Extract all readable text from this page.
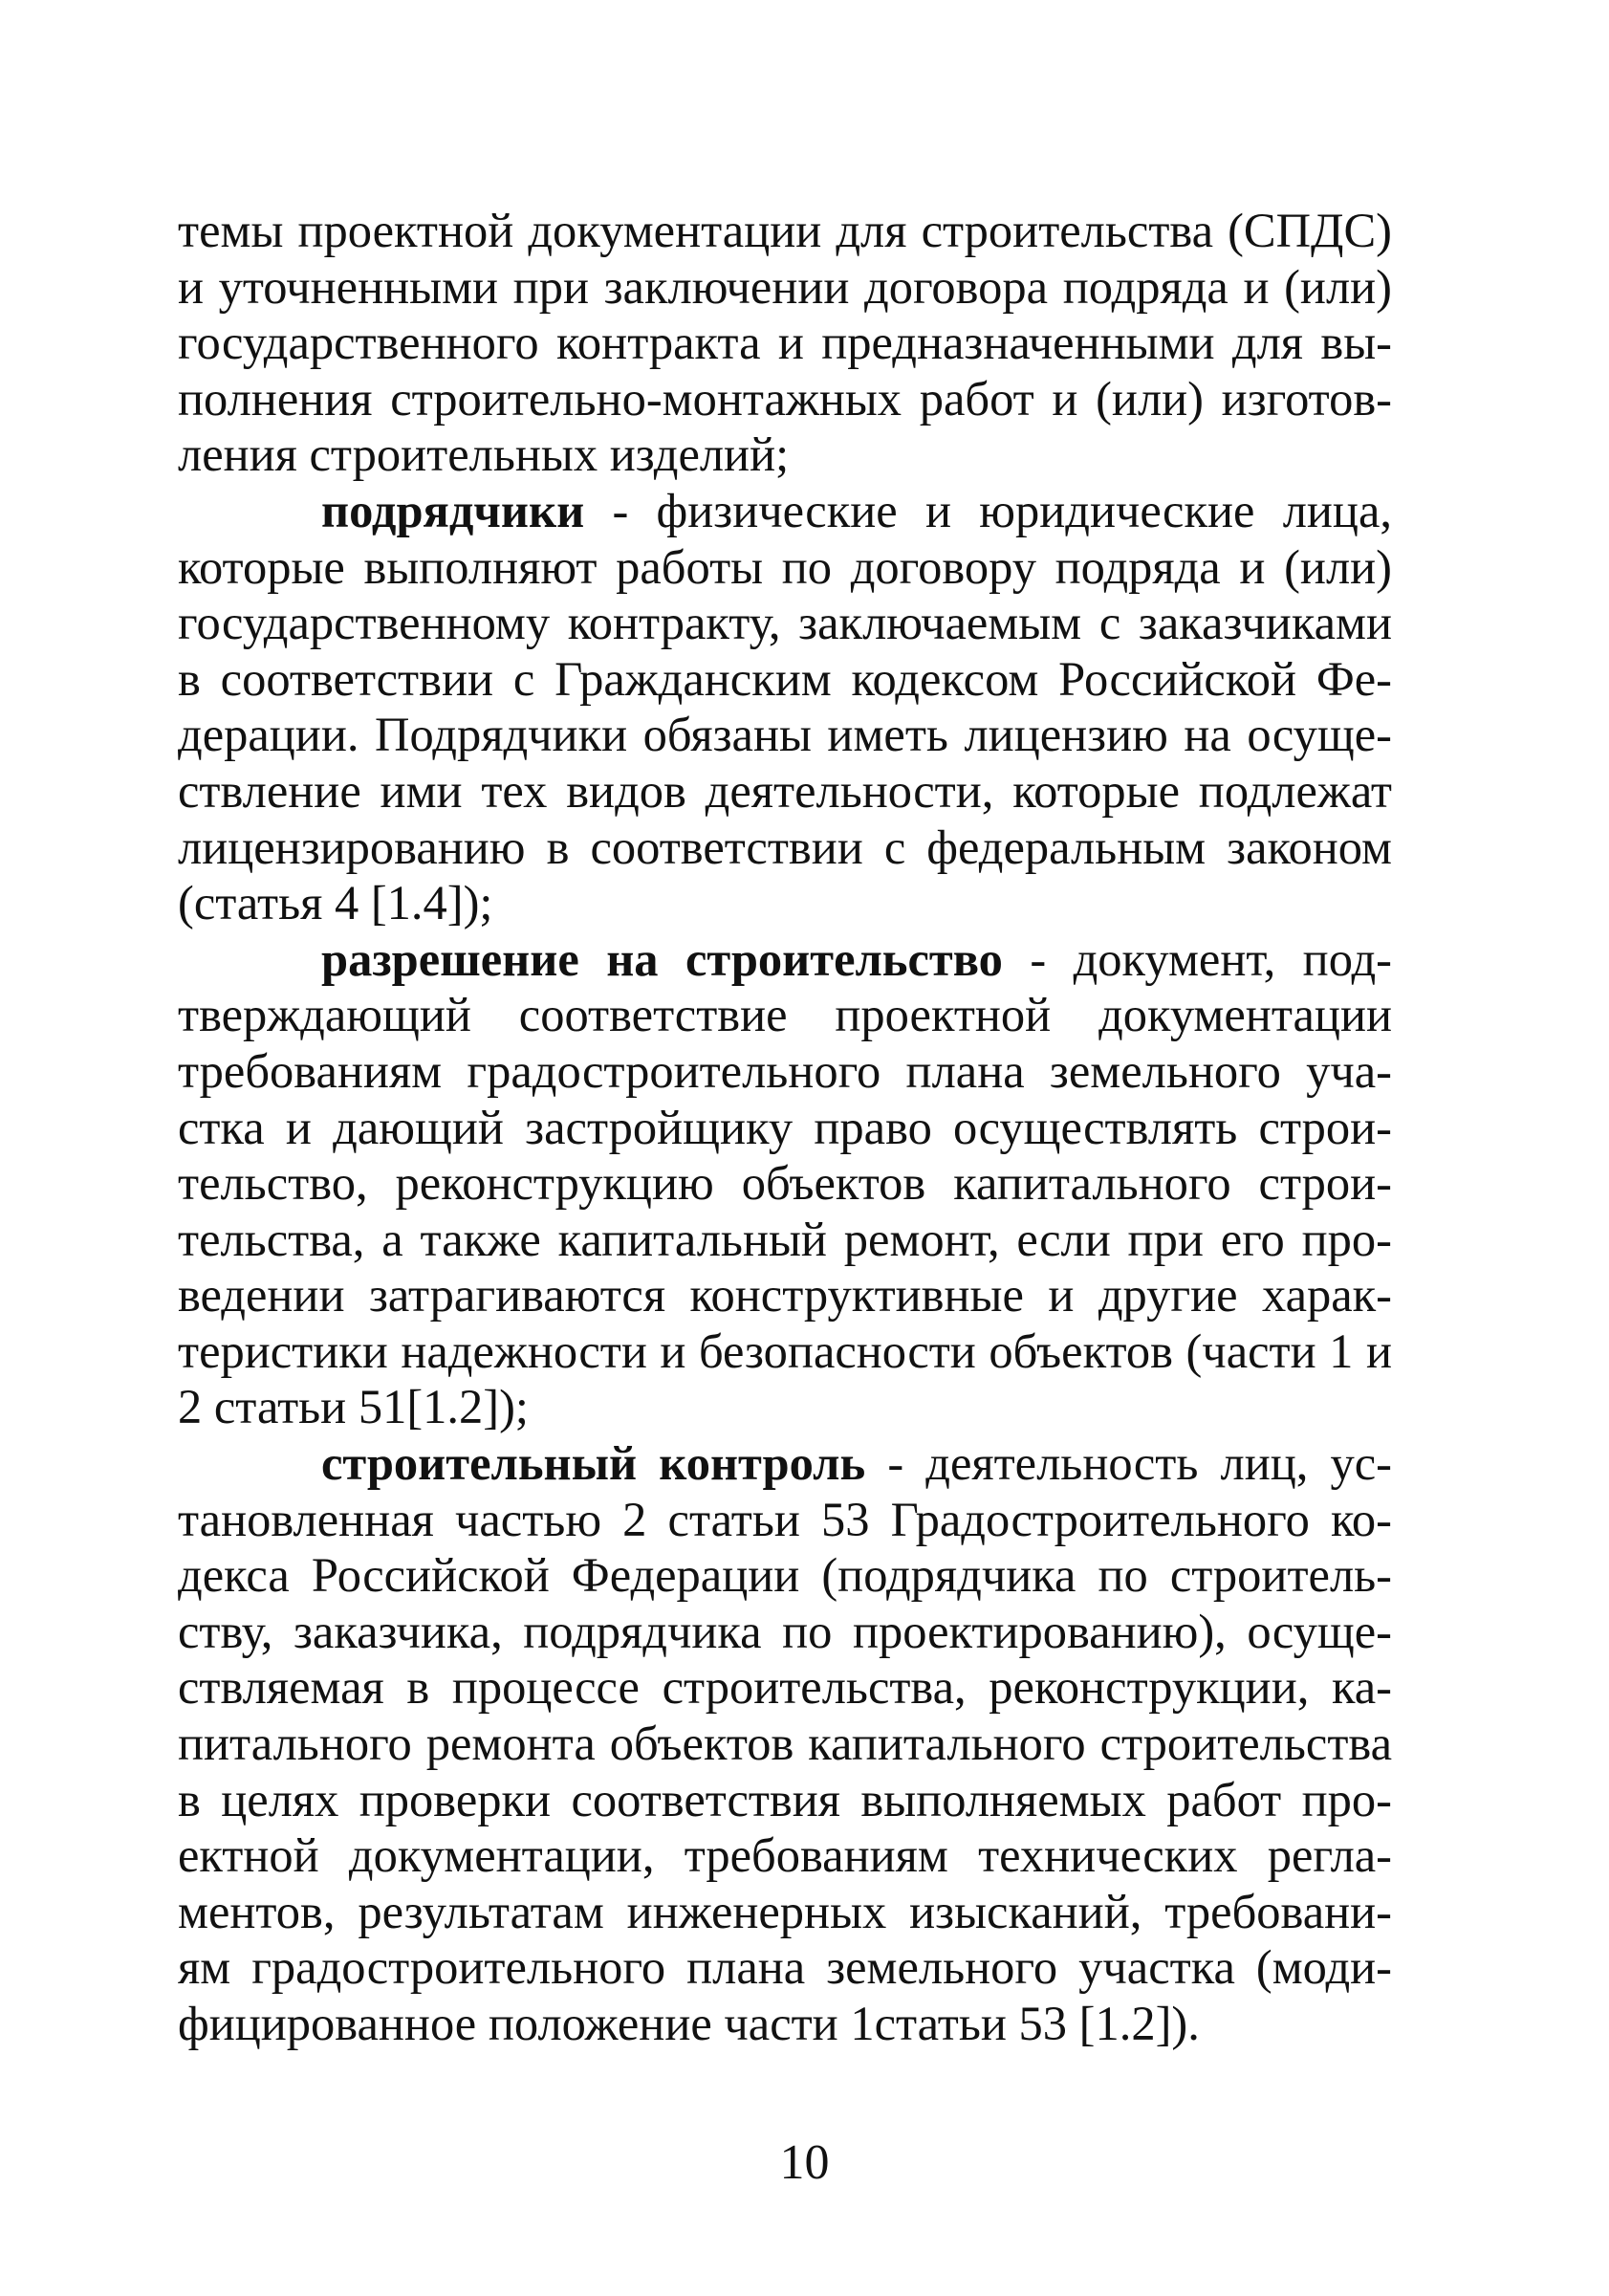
темы проектной документации для строительства (СПДС)
и уточненными при заключении договора подряда и (или)
государственного контракта и предназначенными для вы-
полнения строительно-монтажных работ и (или) изготов-
ления строительных изделий;
подрядчики - физические и юридические лица,
которые выполняют работы по договору подряда и (или)
государственному контракту, заключаемым с заказчиками
в соответствии с Гражданским кодексом Российской Фе-
дерации. Подрядчики обязаны иметь лицензию на осуще-
ствление ими тех видов деятельности, которые подлежат
лицензированию в соответствии с федеральным законом
(статья 4 [1.4]);
разрешение на строительство - документ, под-
тверждающий соответствие проектной документации
требованиям градостроительного плана земельного уча-
стка и дающий застройщику право осуществлять строи-
тельство, реконструкцию объектов капитального строи-
тельства, а также капитальный ремонт, если при его про-
ведении затрагиваются конструктивные и другие харак-
теристики надежности и безопасности объектов (части 1 и
2 статьи 51[1.2]);
строительный контроль - деятельность лиц, ус-
тановленная частью 2 статьи 53 Градостроительного ко-
декса Российской Федерации (подрядчика по строитель-
ству, заказчика, подрядчика по проектированию), осуще-
ствляемая в процессе строительства, реконструкции, ка-
питального ремонта объектов капитального строительства
в целях проверки соответствия выполняемых работ про-
ектной документации, требованиям технических регла-
ментов, результатам инженерных изысканий, требовани-
ям градостроительного плана земельного участка (моди-
фицированное положение части 1статьи 53 [1.2]).
10
